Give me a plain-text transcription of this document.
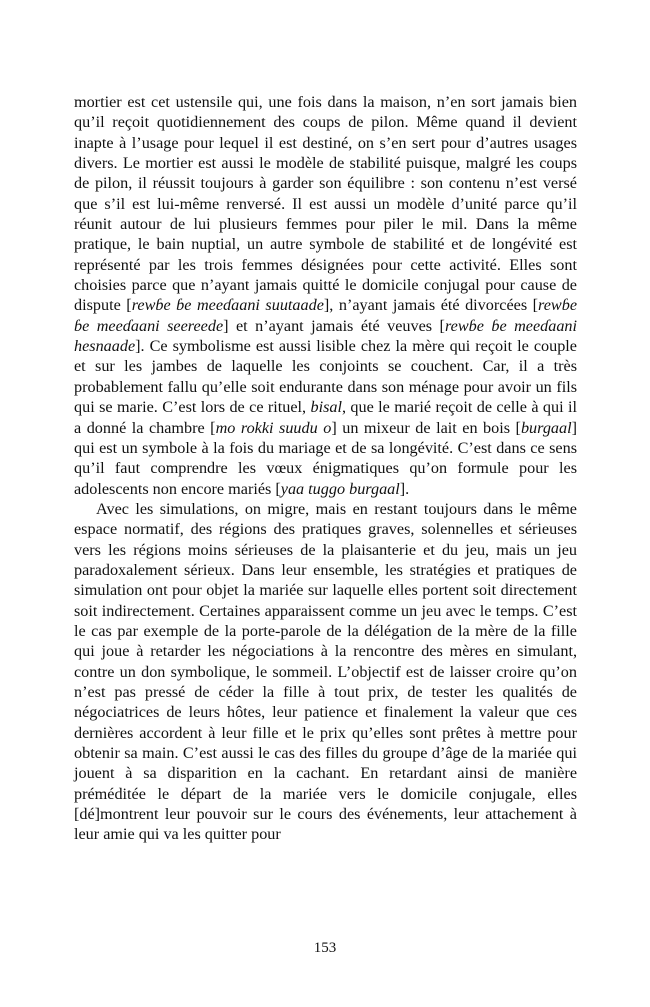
mortier est cet ustensile qui, une fois dans la maison, n’en sort jamais bien qu’il reçoit quotidiennement des coups de pilon. Même quand il devient inapte à l’usage pour lequel il est destiné, on s’en sert pour d’autres usages divers. Le mortier est aussi le modèle de stabilité puisque, malgré les coups de pilon, il réussit toujours à garder son équilibre : son contenu n’est versé que s’il est lui-même renversé. Il est aussi un modèle d’unité parce qu’il réunit autour de lui plusieurs femmes pour piler le mil. Dans la même pratique, le bain nuptial, un autre symbole de stabilité et de longévité est représenté par les trois femmes désignées pour cette activité. Elles sont choisies parce que n’ayant jamais quitté le domicile conjugal pour cause de dispute [rewɓe ɓe meeɗaani suutaade], n’ayant jamais été divorcées [rewɓe ɓe meeɗaani seereede] et n’ayant jamais été veuves [rewɓe ɓe meeɗaani hesnaade]. Ce symbolisme est aussi lisible chez la mère qui reçoit le couple et sur les jambes de laquelle les conjoints se couchent. Car, il a très probablement fallu qu’elle soit endurante dans son ménage pour avoir un fils qui se marie. C’est lors de ce rituel, bisal, que le marié reçoit de celle à qui il a donné la chambre [mo rokki suudu o] un mixeur de lait en bois [burgaal] qui est un symbole à la fois du mariage et de sa longévité. C’est dans ce sens qu’il faut comprendre les vœux énigmatiques qu’on formule pour les adolescents non encore mariés [yaa tuggo burgaal].

Avec les simulations, on migre, mais en restant toujours dans le même espace normatif, des régions des pratiques graves, solennelles et sérieuses vers les régions moins sérieuses de la plaisanterie et du jeu, mais un jeu paradoxalement sérieux. Dans leur ensemble, les stratégies et pratiques de simulation ont pour objet la mariée sur laquelle elles portent soit directement soit indirectement. Certaines apparaissent comme un jeu avec le temps. C’est le cas par exemple de la porte-parole de la délégation de la mère de la fille qui joue à retarder les négociations à la rencontre des mères en simulant, contre un don symbolique, le sommeil. L’objectif est de laisser croire qu’on n’est pas pressé de céder la fille à tout prix, de tester les qualités de négociatrices de leurs hôtes, leur patience et finalement la valeur que ces dernières accordent à leur fille et le prix qu’elles sont prêtes à mettre pour obtenir sa main. C’est aussi le cas des filles du groupe d’âge de la mariée qui jouent à sa disparition en la cachant. En retardant ainsi de manière préméditée le départ de la mariée vers le domicile conjugale, elles [dé]montrent leur pouvoir sur le cours des événements, leur attachement à leur amie qui va les quitter pour

153
